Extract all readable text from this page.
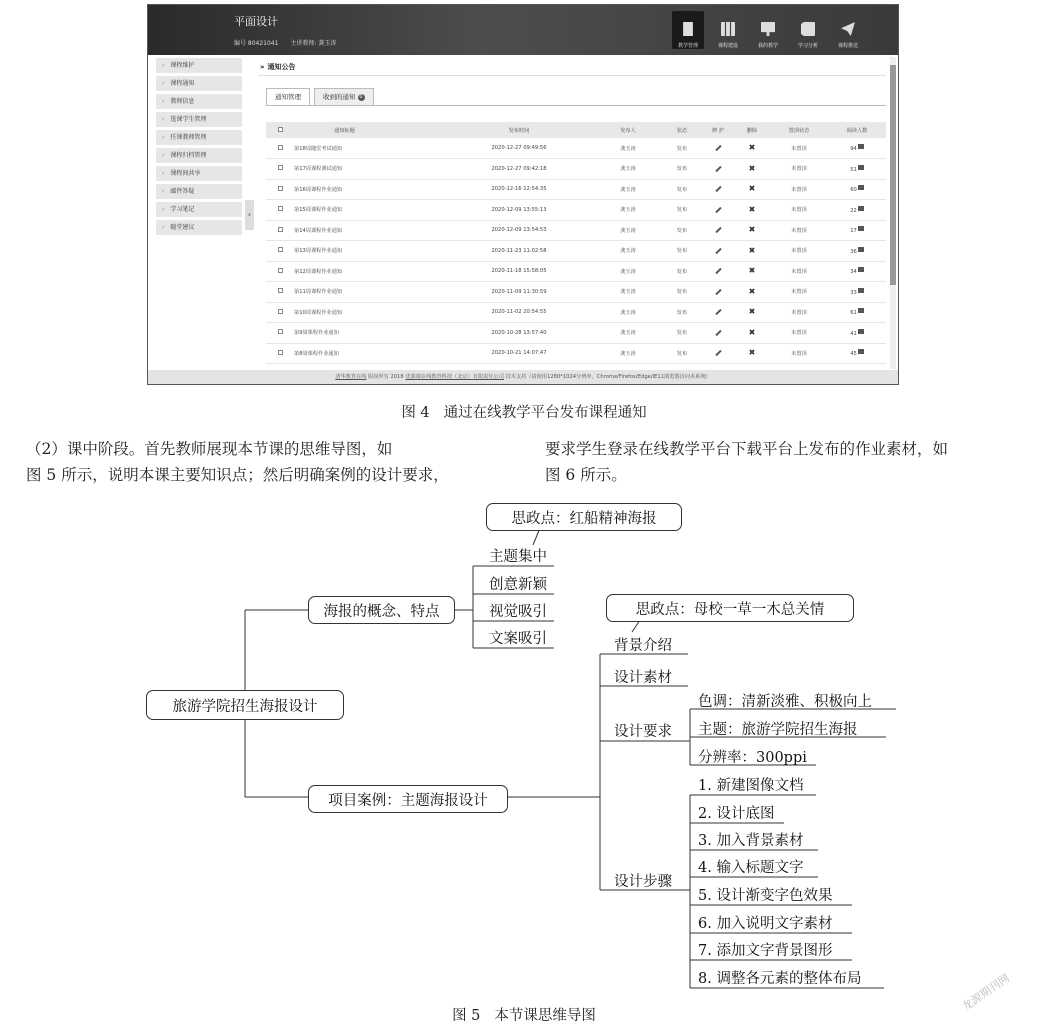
平面设计
编号 80421041 主讲教师: 龚玉涛	教学管理	课程建设	我的教学	学习分析	课程推送
› 课程维护
› 课程通知
› 教师信息
› 选课学生管理
› 任课教师管理
› 课程归档管理
› 课程间共享
› 邮件答疑
› 学习笔记
› 随堂建议
‹
» 通知公告
通知管理	收到的通知 0
	通知标题	发布时间	发布人	状态	修 护	删除	置顶状态	阅读人数
	第18周随堂考试通知	2020-12-27 09:49:56	龚玉涛	发布		✖	未置顶	94
	第17周课程测试通知	2020-12-27 09:42:18	龚玉涛	发布		✖	未置顶	51
	第16周课程作业通知	2020-12-16 12:54:35	龚玉涛	发布		✖	未置顶	60
	第15周课程作业通知	2020-12-09 13:55:13	龚玉涛	发布		✖	未置顶	22
	第14周课程作业通知	2020-12-09 13:54:53	龚玉涛	发布		✖	未置顶	17
	第13周课程作业通知	2020-11-23 11:02:58	龚玉涛	发布		✖	未置顶	36
	第12周课程作业通知	2020-11-18 15:58:05	龚玉涛	发布		✖	未置顶	34
	第11周课程作业通知	2020-11-09 11:30:59	龚玉涛	发布		✖	未置顶	33
	第10周课程作业通知	2020-11-02 20:54:55	龚玉涛	发布		✖	未置顶	61
	第9周课程作业通知	2020-10-28 13:57:40	龚玉涛	发布		✖	未置顶	41
	第8周课程作业通知	2020-10-21 14:07:47	龚玉涛	发布		✖	未置顶	45
清华教育在线 版权所有 2018 优慕课在线教育科技（北京）有限责任公司 技术支持（请使用1280*1024分辨率，Chrome/Firefox/Edge/IE11浏览器访问本系统）
图 4 通过在线教学平台发布课程通知
（2）课中阶段。首先教师展现本节课的思维导图，如
图 5 所示，说明本课主要知识点；然后明确案例的设计要求，
要求学生登录在线教学平台下载平台上发布的作业素材，如
图 6 所示。
旅游学院招生海报设计
海报的概念、特点
项目案例：主题海报设计
思政点：红船精神海报
思政点：母校一草一木总关情
主题集中
创意新颖
视觉吸引
文案吸引	背景介绍
设计素材
设计要求
设计步骤
色调：清新淡雅、积极向上
主题：旅游学院招生海报
分辨率：300ppi
1. 新建图像文档
2. 设计底图
3. 加入背景素材
4. 输入标题文字
5. 设计渐变字色效果
6. 加入说明文字素材
7. 添加文字背景图形
8. 调整各元素的整体布局
图 5 本节课思维导图
龙源期刊网
